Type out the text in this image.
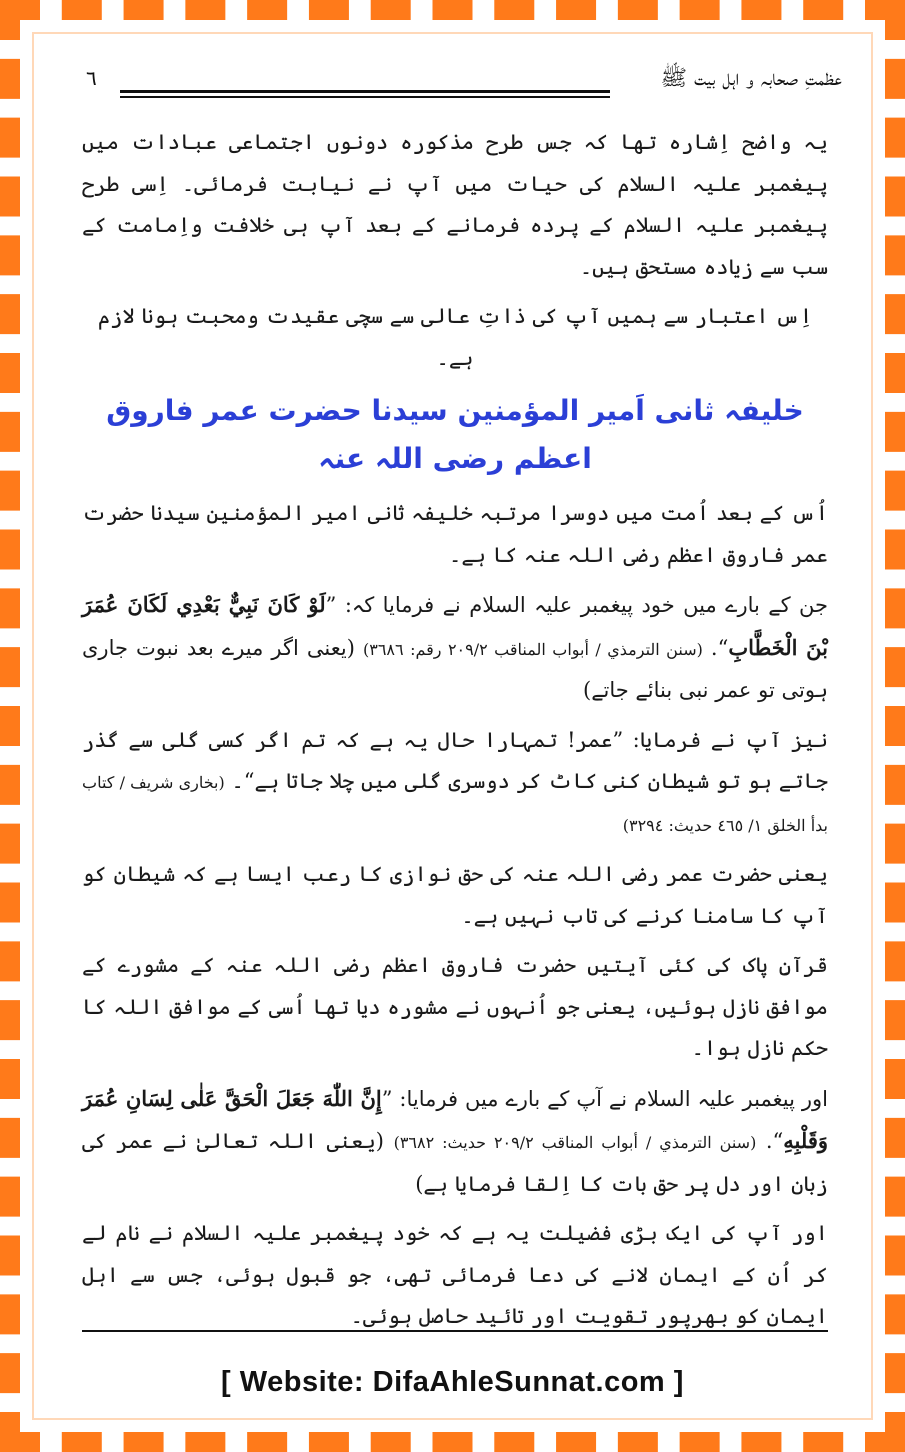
عظمتِ صحابہ و اہل بیت ﷺ
٦

یہ واضح اِشارہ تھا کہ جس طرح مذکورہ دونوں اجتماعی عبادات میں پیغمبر علیہ السلام کی حیات میں آپ نے نیابت فرمائی۔ اِسی طرح پیغمبر علیہ السلام کے پردہ فرمانے کے بعد آپ ہی خلافت واِمامت کے سب سے زیادہ مستحق ہیں۔

اِس اعتبار سے ہمیں آپ کی ذاتِ عالی سے سچی عقیدت ومحبت ہونا لازم ہے۔

خلیفہ ثانی اَمیر المؤمنین سیدنا حضرت عمر فاروق اعظم رضی اللہ عنہ

اُس کے بعد اُمت میں دوسرا مرتبہ خلیفہ ثانی امیر المؤمنین سیدنا حضرت عمر فاروق اعظم رضی اللہ عنہ کا ہے۔

جن کے بارے میں خود پیغمبر علیہ السلام نے فرمایا کہ: ”لَوْ كَانَ نَبِيٌّ بَعْدِي لَكَانَ عُمَرَ بْنَ الْخَطَّابِ“. (سنن الترمذي / أبواب المناقب ٢٠٩/٢ رقم: ٣٦٨٦) (یعنی اگر میرے بعد نبوت جاری ہوتی تو عمر نبی بنائے جاتے)

نیز آپ نے فرمایا: ”عمر! تمہارا حال یہ ہے کہ تم اگر کسی گلی سے گذر جاتے ہو تو شیطان کنی کاٹ کر دوسری گلی میں چلا جاتا ہے“۔ (بخاری شریف / کتاب بدأ الخلق ١/ ٤٦٥ حدیث: ٣٢٩٤)

یعنی حضرت عمر رضی اللہ عنہ کی حق نوازی کا رعب ایسا ہے کہ شیطان کو آپ کا سامنا کرنے کی تاب نہیں ہے۔

قرآنِ پاک کی کئی آیتیں حضرت فاروق اعظم رضی اللہ عنہ کے مشورے کے موافق نازل ہوئیں، یعنی جو اُنہوں نے مشورہ دیا تھا اُسی کے موافق اللہ کا حکم نازل ہوا۔

اور پیغمبر علیہ السلام نے آپ کے بارے میں فرمایا: ”إِنَّ اللّٰهَ جَعَلَ الْحَقَّ عَلٰى لِسَانِ عُمَرَ وَقَلْبِهِ“. (سنن الترمذي / أبواب المناقب ٢٠٩/٢ حديث: ٣٦٨٢) (یعنی اللہ تعالیٰ نے عمر کی زبان اور دل پر حق بات کا اِلقا فرمایا ہے)

اور آپ کی ایک بڑی فضیلت یہ ہے کہ خود پیغمبر علیہ السلام نے نام لے کر اُن کے ایمان لانے کی دعا فرمائی تھی، جو قبول ہوئی، جس سے اہل ایمان کو بھرپور تقویت اور تائید حاصل ہوئی۔

[ Website: DifaAhleSunnat.com ]
